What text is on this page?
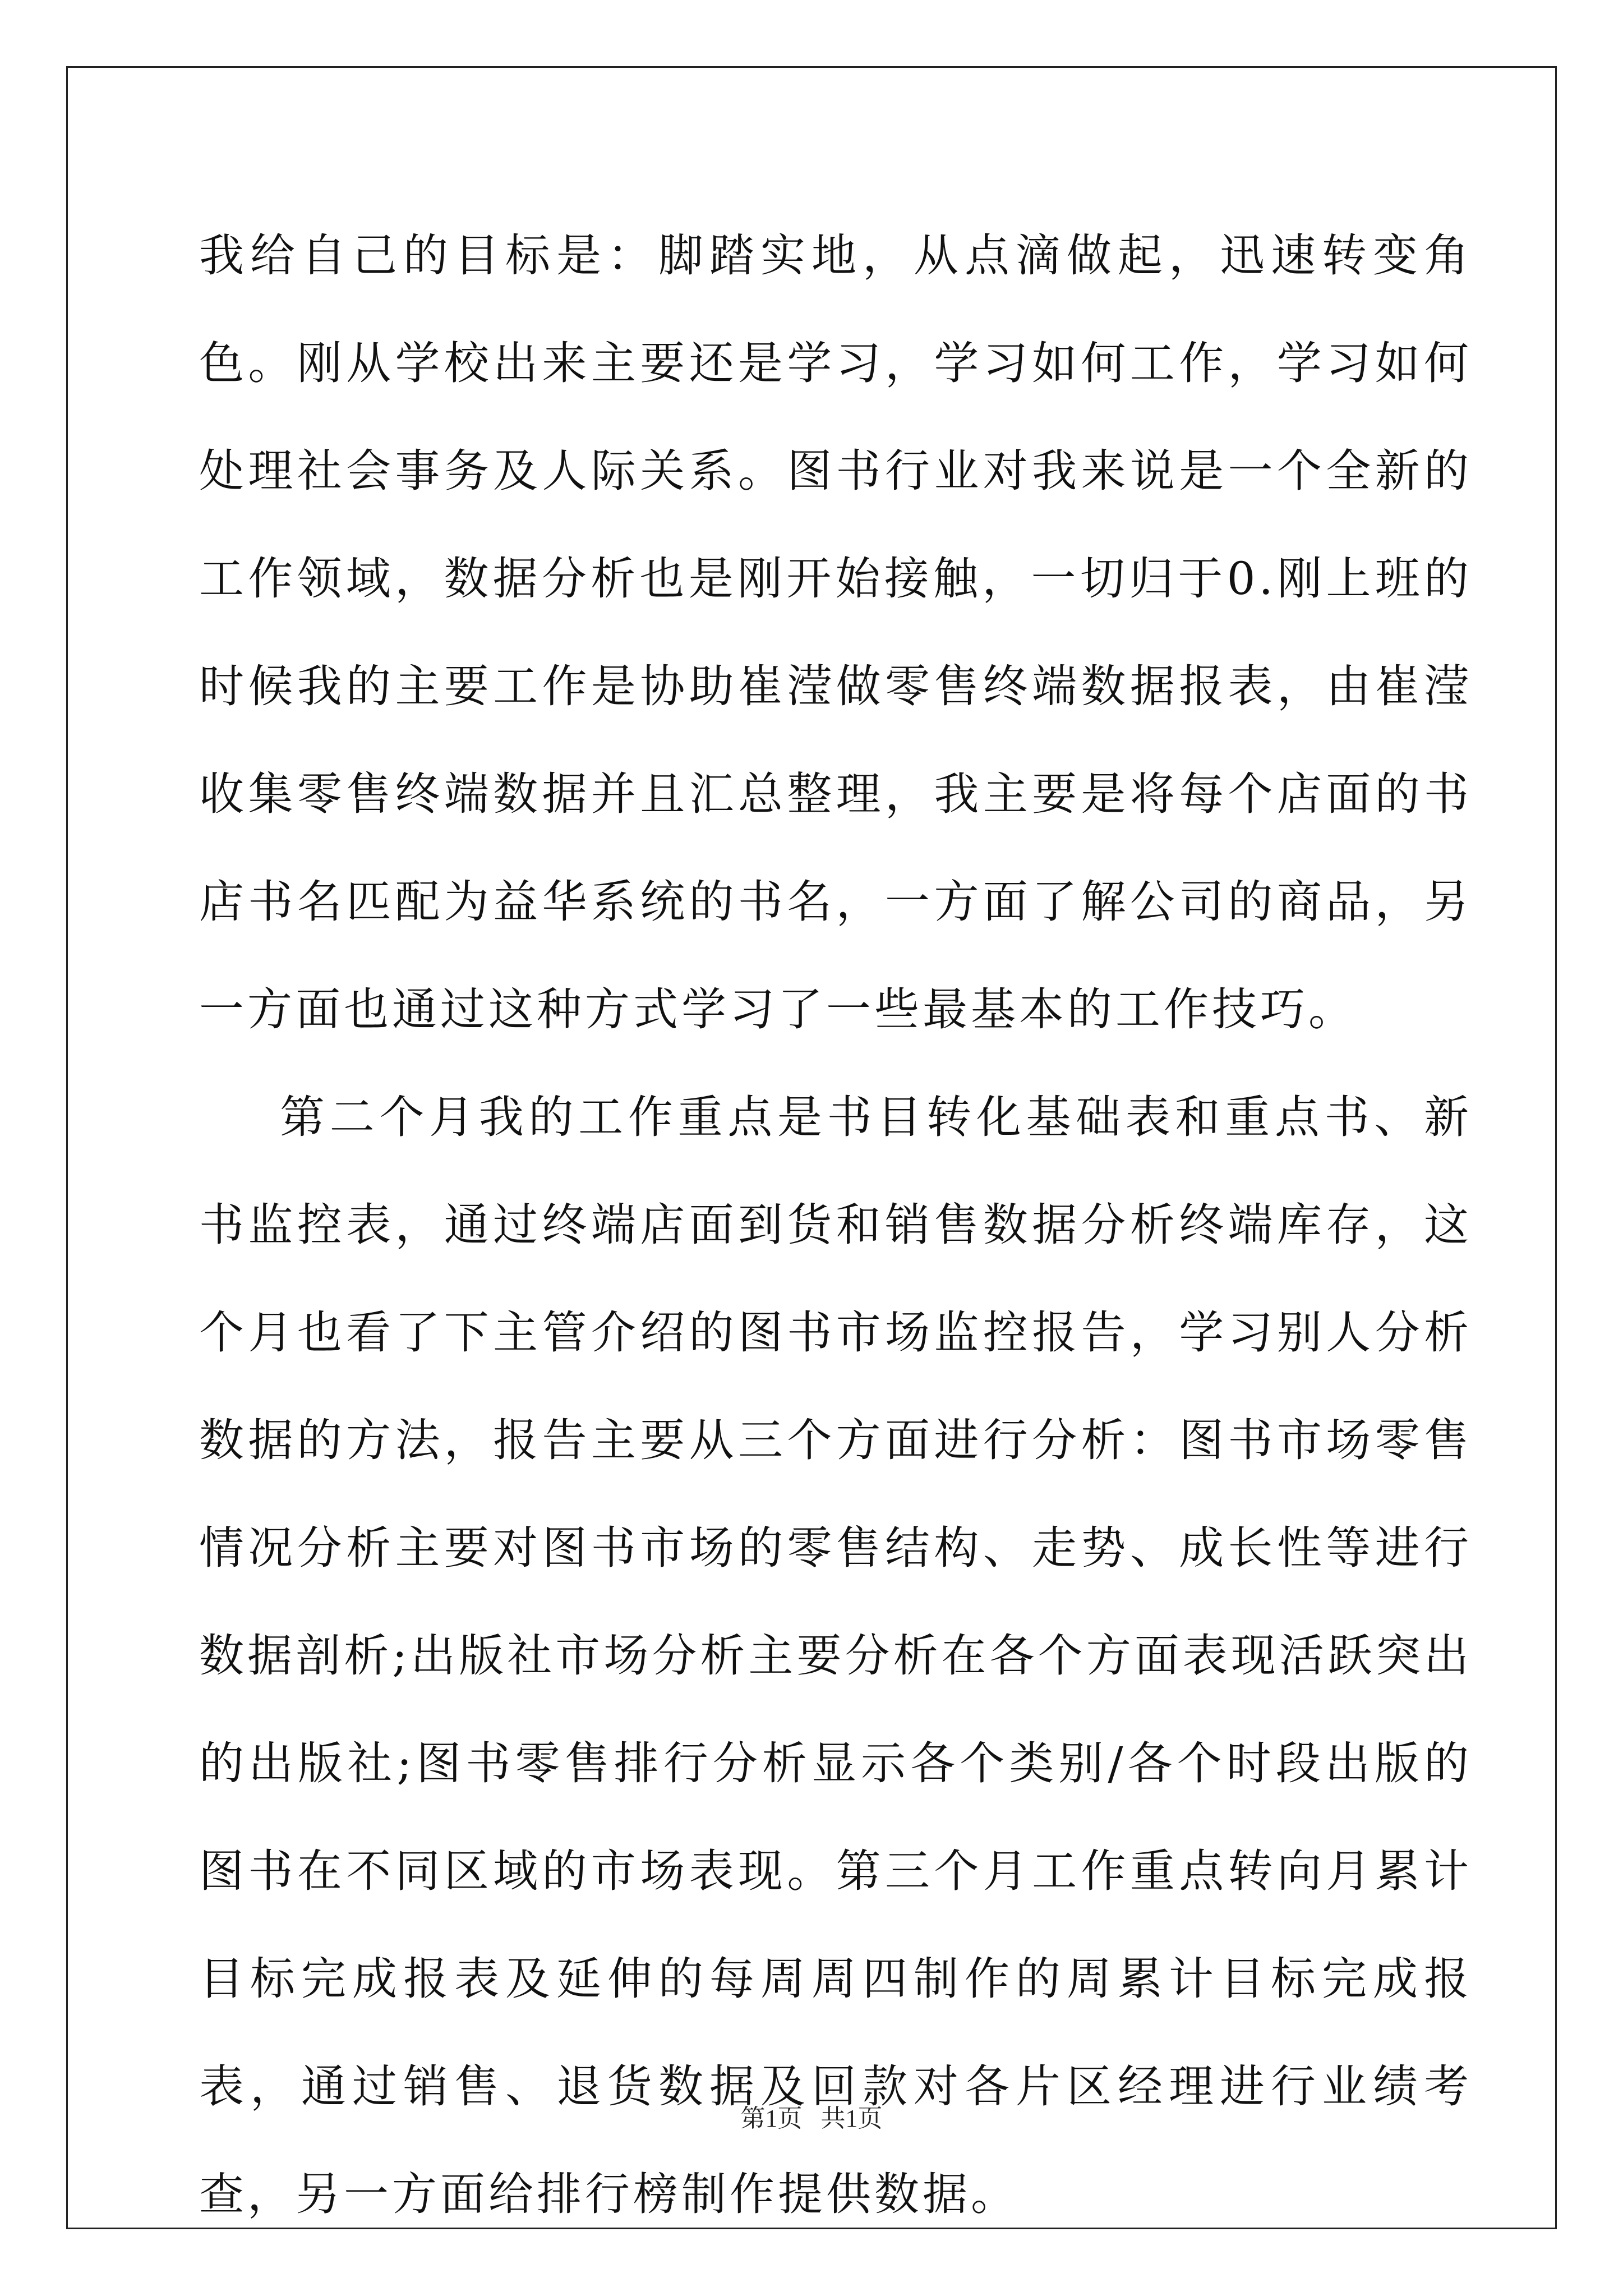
我给自己的目标是：脚踏实地，从点滴做起，迅速转变角色。刚从学校出来主要还是学习，学习如何工作，学习如何处理社会事务及人际关系。图书行业对我来说是一个全新的工作领域，数据分析也是刚开始接触，一切归于0.刚上班的时候我的主要工作是协助崔滢做零售终端数据报表，由崔滢收集零售终端数据并且汇总整理，我主要是将每个店面的书店书名匹配为益华系统的书名，一方面了解公司的商品，另一方面也通过这种方式学习了一些最基本的工作技巧。

第二个月我的工作重点是书目转化基础表和重点书、新书监控表，通过终端店面到货和销售数据分析终端库存，这个月也看了下主管介绍的图书市场监控报告，学习别人分析数据的方法，报告主要从三个方面进行分析：图书市场零售情况分析主要对图书市场的零售结构、走势、成长性等进行数据剖析;出版社市场分析主要分析在各个方面表现活跃突出的出版社;图书零售排行分析显示各个类别/各个时段出版的图书在不同区域的市场表现。第三个月工作重点转向月累计目标完成报表及延伸的每周周四制作的周累计目标完成报表，通过销售、退货数据及回款对各片区经理进行业绩考查，另一方面给排行榜制作提供数据。

第1页   共1页
